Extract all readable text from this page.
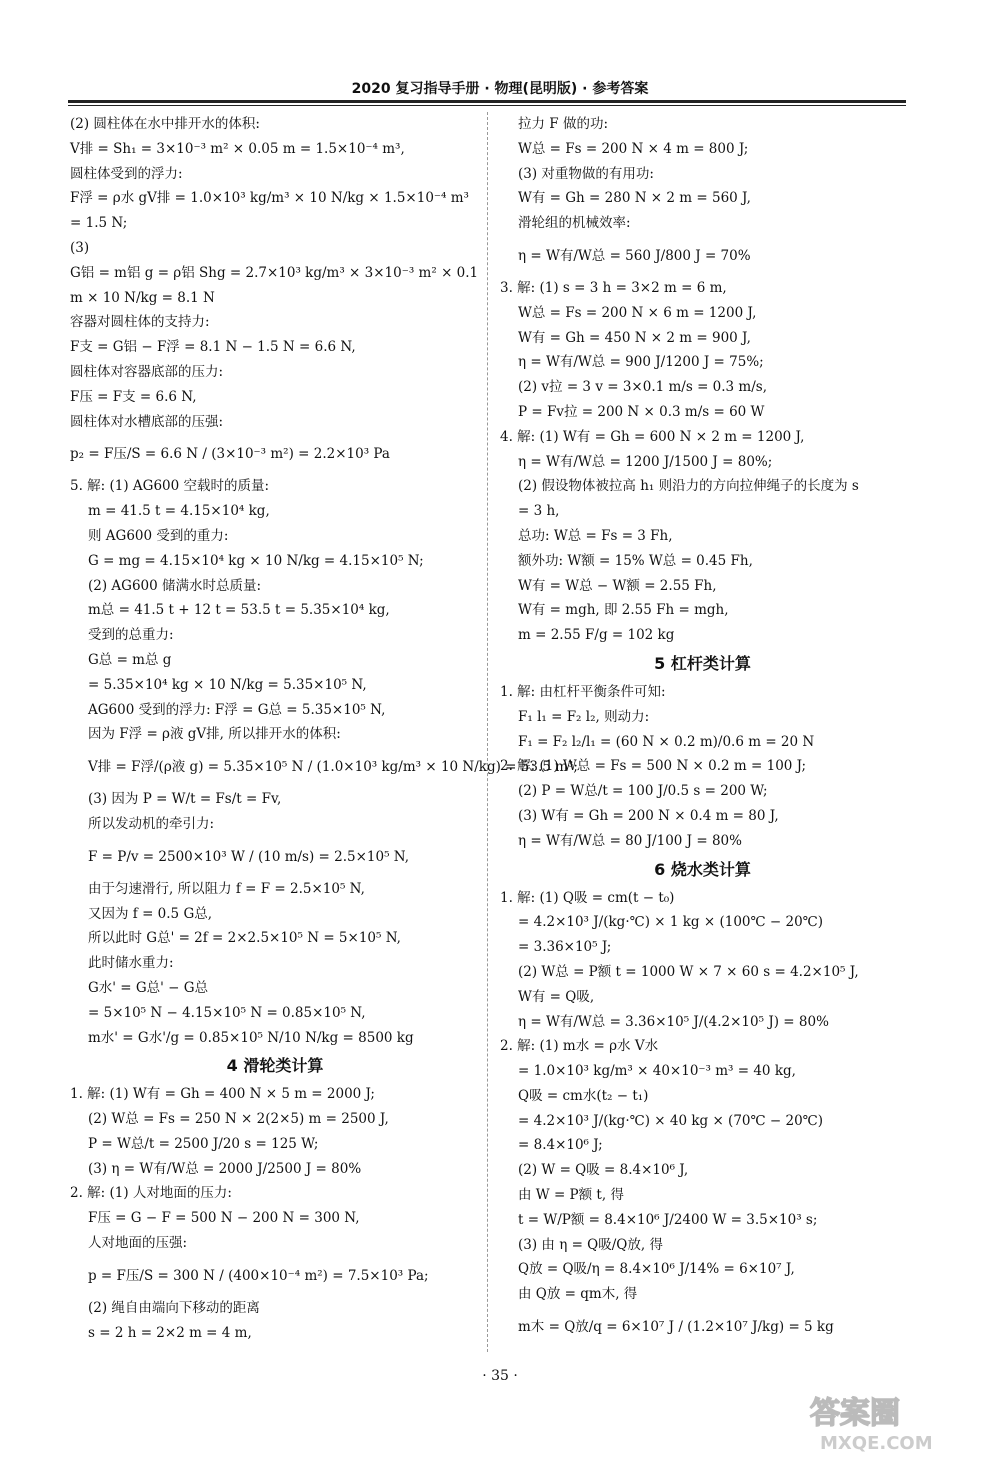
2020 复习指导手册 · 物理(昆明版) · 参考答案
(2) 圆柱体在水中排开水的体积:
V排 = Sh₁ = 3×10⁻³ m² × 0.05 m = 1.5×10⁻⁴ m³,
圆柱体受到的浮力:
F浮 = ρ水 gV排 = 1.0×10³ kg/m³ × 10 N/kg × 1.5×10⁻⁴ m³
= 1.5 N;
(3)
G铝 = m铝 g = ρ铝 Shg = 2.7×10³ kg/m³ × 3×10⁻³ m² × 0.1
m × 10 N/kg = 8.1 N
容器对圆柱体的支持力:
F支 = G铝 − F浮 = 8.1 N − 1.5 N = 6.6 N,
圆柱体对容器底部的压力:
F压 = F支 = 6.6 N,
圆柱体对水槽底部的压强:
p₂ = F压/S = 6.6 N / (3×10⁻³ m²) = 2.2×10³ Pa
5. 解: (1) AG600 空载时的质量:
m = 41.5 t = 4.15×10⁴ kg,
则 AG600 受到的重力:
G = mg = 4.15×10⁴ kg × 10 N/kg = 4.15×10⁵ N;
(2) AG600 储满水时总质量:
m总 = 41.5 t + 12 t = 53.5 t = 5.35×10⁴ kg,
受到的总重力:
G总 = m总 g
= 5.35×10⁴ kg × 10 N/kg = 5.35×10⁵ N,
AG600 受到的浮力: F浮 = G总 = 5.35×10⁵ N,
因为 F浮 = ρ液 gV排, 所以排开水的体积:
V排 = F浮/(ρ液 g) = 5.35×10⁵ N / (1.0×10³ kg/m³ × 10 N/kg) = 53.5 m³;
(3) 因为 P = W/t = Fs/t = Fv,
所以发动机的牵引力:
F = P/v = 2500×10³ W / (10 m/s) = 2.5×10⁵ N,
由于匀速滑行, 所以阻力 f = F = 2.5×10⁵ N,
又因为 f = 0.5 G总,
所以此时 G总' = 2f = 2×2.5×10⁵ N = 5×10⁵ N,
此时储水重力:
G水' = G总' − G总
= 5×10⁵ N − 4.15×10⁵ N = 0.85×10⁵ N,
m水' = G水'/g = 0.85×10⁵ N/10 N/kg = 8500 kg
4 滑轮类计算
1. 解: (1) W有 = Gh = 400 N × 5 m = 2000 J;
(2) W总 = Fs = 250 N × 2(2×5) m = 2500 J,
P = W总/t = 2500 J/20 s = 125 W;
(3) η = W有/W总 = 2000 J/2500 J = 80%
2. 解: (1) 人对地面的压力:
F压 = G − F = 500 N − 200 N = 300 N,
人对地面的压强:
p = F压/S = 300 N / (400×10⁻⁴ m²) = 7.5×10³ Pa;
(2) 绳自由端向下移动的距离
s = 2 h = 2×2 m = 4 m,
拉力 F 做的功:
W总 = Fs = 200 N × 4 m = 800 J;
(3) 对重物做的有用功:
W有 = Gh = 280 N × 2 m = 560 J,
滑轮组的机械效率:
η = W有/W总 = 560 J/800 J = 70%
3. 解: (1) s = 3 h = 3×2 m = 6 m,
W总 = Fs = 200 N × 6 m = 1200 J,
W有 = Gh = 450 N × 2 m = 900 J,
η = W有/W总 = 900 J/1200 J = 75%;
(2) v拉 = 3 v = 3×0.1 m/s = 0.3 m/s,
P = Fv拉 = 200 N × 0.3 m/s = 60 W
4. 解: (1) W有 = Gh = 600 N × 2 m = 1200 J,
η = W有/W总 = 1200 J/1500 J = 80%;
(2) 假设物体被拉高 h₁ 则沿力的方向拉伸绳子的长度为 s
= 3 h,
总功: W总 = Fs = 3 Fh,
额外功: W额 = 15% W总 = 0.45 Fh,
W有 = W总 − W额 = 2.55 Fh,
W有 = mgh, 即 2.55 Fh = mgh,
m = 2.55 F/g = 102 kg
5 杠杆类计算
1. 解: 由杠杆平衡条件可知:
F₁ l₁ = F₂ l₂, 则动力:
F₁ = F₂ l₂/l₁ = (60 N × 0.2 m)/0.6 m = 20 N
2. 解: (1) W总 = Fs = 500 N × 0.2 m = 100 J;
(2) P = W总/t = 100 J/0.5 s = 200 W;
(3) W有 = Gh = 200 N × 0.4 m = 80 J,
η = W有/W总 = 80 J/100 J = 80%
6 烧水类计算
1. 解: (1) Q吸 = cm(t − t₀)
= 4.2×10³ J/(kg·℃) × 1 kg × (100℃ − 20℃)
= 3.36×10⁵ J;
(2) W总 = P额 t = 1000 W × 7 × 60 s = 4.2×10⁵ J,
W有 = Q吸,
η = W有/W总 = 3.36×10⁵ J/(4.2×10⁵ J) = 80%
2. 解: (1) m水 = ρ水 V水
= 1.0×10³ kg/m³ × 40×10⁻³ m³ = 40 kg,
Q吸 = cm水(t₂ − t₁)
= 4.2×10³ J/(kg·℃) × 40 kg × (70℃ − 20℃)
= 8.4×10⁶ J;
(2) W = Q吸 = 8.4×10⁶ J,
由 W = P额 t, 得
t = W/P额 = 8.4×10⁶ J/2400 W = 3.5×10³ s;
(3) 由 η = Q吸/Q放, 得
Q放 = Q吸/η = 8.4×10⁶ J/14% = 6×10⁷ J,
由 Q放 = qm木, 得
m木 = Q放/q = 6×10⁷ J / (1.2×10⁷ J/kg) = 5 kg
· 35 ·
答案圈
MXQE.COM
